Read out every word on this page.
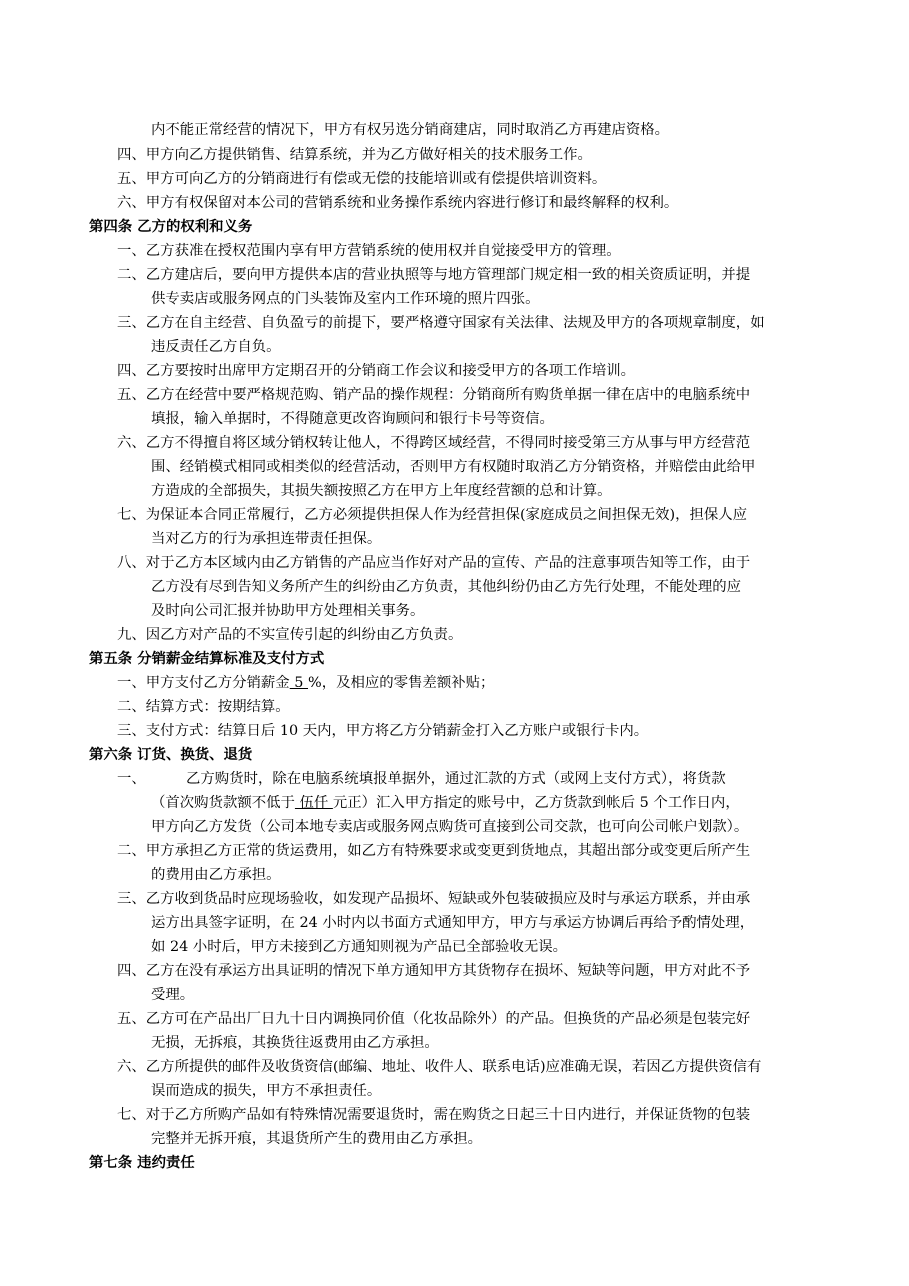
内不能正常经营的情况下，甲方有权另选分销商建店，同时取消乙方再建店资格。
四、甲方向乙方提供销售、结算系统，并为乙方做好相关的技术服务工作。
五、甲方可向乙方的分销商进行有偿或无偿的技能培训或有偿提供培训资料。
六、甲方有权保留对本公司的营销系统和业务操作系统内容进行修订和最终解释的权利。
第四条 乙方的权利和义务
一、乙方获准在授权范围内享有甲方营销系统的使用权并自觉接受甲方的管理。
二、乙方建店后，要向甲方提供本店的营业执照等与地方管理部门规定相一致的相关资质证明，并提
供专卖店或服务网点的门头装饰及室内工作环境的照片四张。
三、乙方在自主经营、自负盈亏的前提下，要严格遵守国家有关法律、法规及甲方的各项规章制度，如
违反责任乙方自负。
四、乙方要按时出席甲方定期召开的分销商工作会议和接受甲方的各项工作培训。
五、乙方在经营中要严格规范购、销产品的操作规程：分销商所有购货单据一律在店中的电脑系统中
填报，输入单据时，不得随意更改咨询顾问和银行卡号等资信。
六、乙方不得擅自将区域分销权转让他人，不得跨区域经营，不得同时接受第三方从事与甲方经营范
围、经销模式相同或相类似的经营活动，否则甲方有权随时取消乙方分销资格，并赔偿由此给甲
方造成的全部损失，其损失额按照乙方在甲方上年度经营额的总和计算。
七、为保证本合同正常履行，乙方必须提供担保人作为经营担保(家庭成员之间担保无效)，担保人应
当对乙方的行为承担连带责任担保。
八、对于乙方本区域内由乙方销售的产品应当作好对产品的宣传、产品的注意事项告知等工作，由于
乙方没有尽到告知义务所产生的纠纷由乙方负责，其他纠纷仍由乙方先行处理，不能处理的应
及时向公司汇报并协助甲方处理相关事务。
九、因乙方对产品的不实宣传引起的纠纷由乙方负责。
第五条 分销薪金结算标准及支付方式
一、甲方支付乙方分销薪金 5 %，及相应的零售差额补贴；
二、结算方式：按期结算。
三、支付方式：结算日后 10 天内，甲方将乙方分销薪金打入乙方账户或银行卡内。
第六条 订货、换货、退货
一、	乙方购货时，除在电脑系统填报单据外，通过汇款的方式（或网上支付方式），将货款
（首次购货款额不低于 伍仟 元正）汇入甲方指定的账号中，乙方货款到帐后 5 个工作日内，
甲方向乙方发货（公司本地专卖店或服务网点购货可直接到公司交款，也可向公司帐户划款）。
二、甲方承担乙方正常的货运费用，如乙方有特殊要求或变更到货地点，其超出部分或变更后所产生
的费用由乙方承担。
三、乙方收到货品时应现场验收，如发现产品损坏、短缺或外包装破损应及时与承运方联系，并由承
运方出具签字证明，在 24 小时内以书面方式通知甲方，甲方与承运方协调后再给予酌情处理，
如 24 小时后，甲方未接到乙方通知则视为产品已全部验收无误。
四、乙方在没有承运方出具证明的情况下单方通知甲方其货物存在损坏、短缺等问题，甲方对此不予
受理。
五、乙方可在产品出厂日九十日内调换同价值（化妆品除外）的产品。但换货的产品必须是包装完好
无损，无拆痕，其换货往返费用由乙方承担。
六、乙方所提供的邮件及收货资信(邮编、地址、收件人、联系电话)应准确无误，若因乙方提供资信有
误而造成的损失，甲方不承担责任。
七、对于乙方所购产品如有特殊情况需要退货时，需在购货之日起三十日内进行，并保证货物的包装
完整并无拆开痕，其退货所产生的费用由乙方承担。
第七条 违约责任
